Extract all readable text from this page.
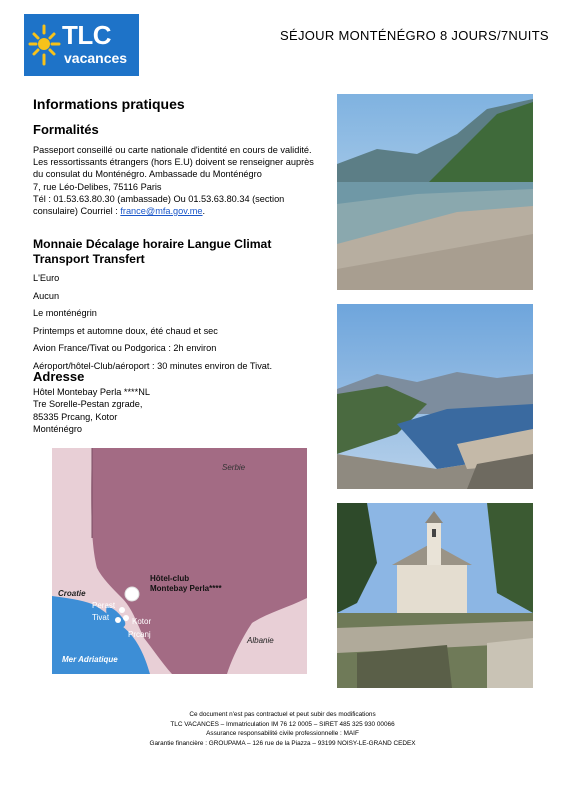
TLC
vacances
SÉJOUR MONTÉNÉGRO 8 JOURS/7NUITS
Informations pratiques
Formalités
Passeport conseillé ou carte nationale d'identité en cours de validité.
Les ressortissants étrangers (hors E.U) doivent se renseigner auprès
du consulat du Monténégro. Ambassade du Monténégro
7, rue Léo-Delibes, 75116 Paris
Tél : 01.53.63.80.30 (ambassade) Ou 01.53.63.80.34 (section
consulaire) Courriel : france@mfa.gov.me.
Monnaie Décalage horaire Langue Climat Transport Transfert
L'Euro
Aucun
Le monténégrin
Printemps et automne doux, été chaud et sec
Avion France/Tivat ou Podgorica : 2h environ
Aéroport/hôtel-Club/aéroport : 30 minutes environ de Tivat.
Adresse
Hôtel Montebay Perla ****NL
Tre Sorelle-Pestan zgrade,
85335 Prcang, Kotor
Monténégro
Serbie
Croatie
Hôtel-club
Montebay Perla****
Perast
Tivat	Kotor
Prcanj
Albanie
Mer Adriatique
Ce document n'est pas contractuel et peut subir des modifications
TLC VACANCES – Immatriculation IM 76 12 0005 – SIRET 485 325 930 00066
Assurance responsabilité civile professionnelle : MAIF
Garantie financière : GROUPAMA – 126 rue de la Piazza – 93199 NOISY-LE-GRAND CEDEX
